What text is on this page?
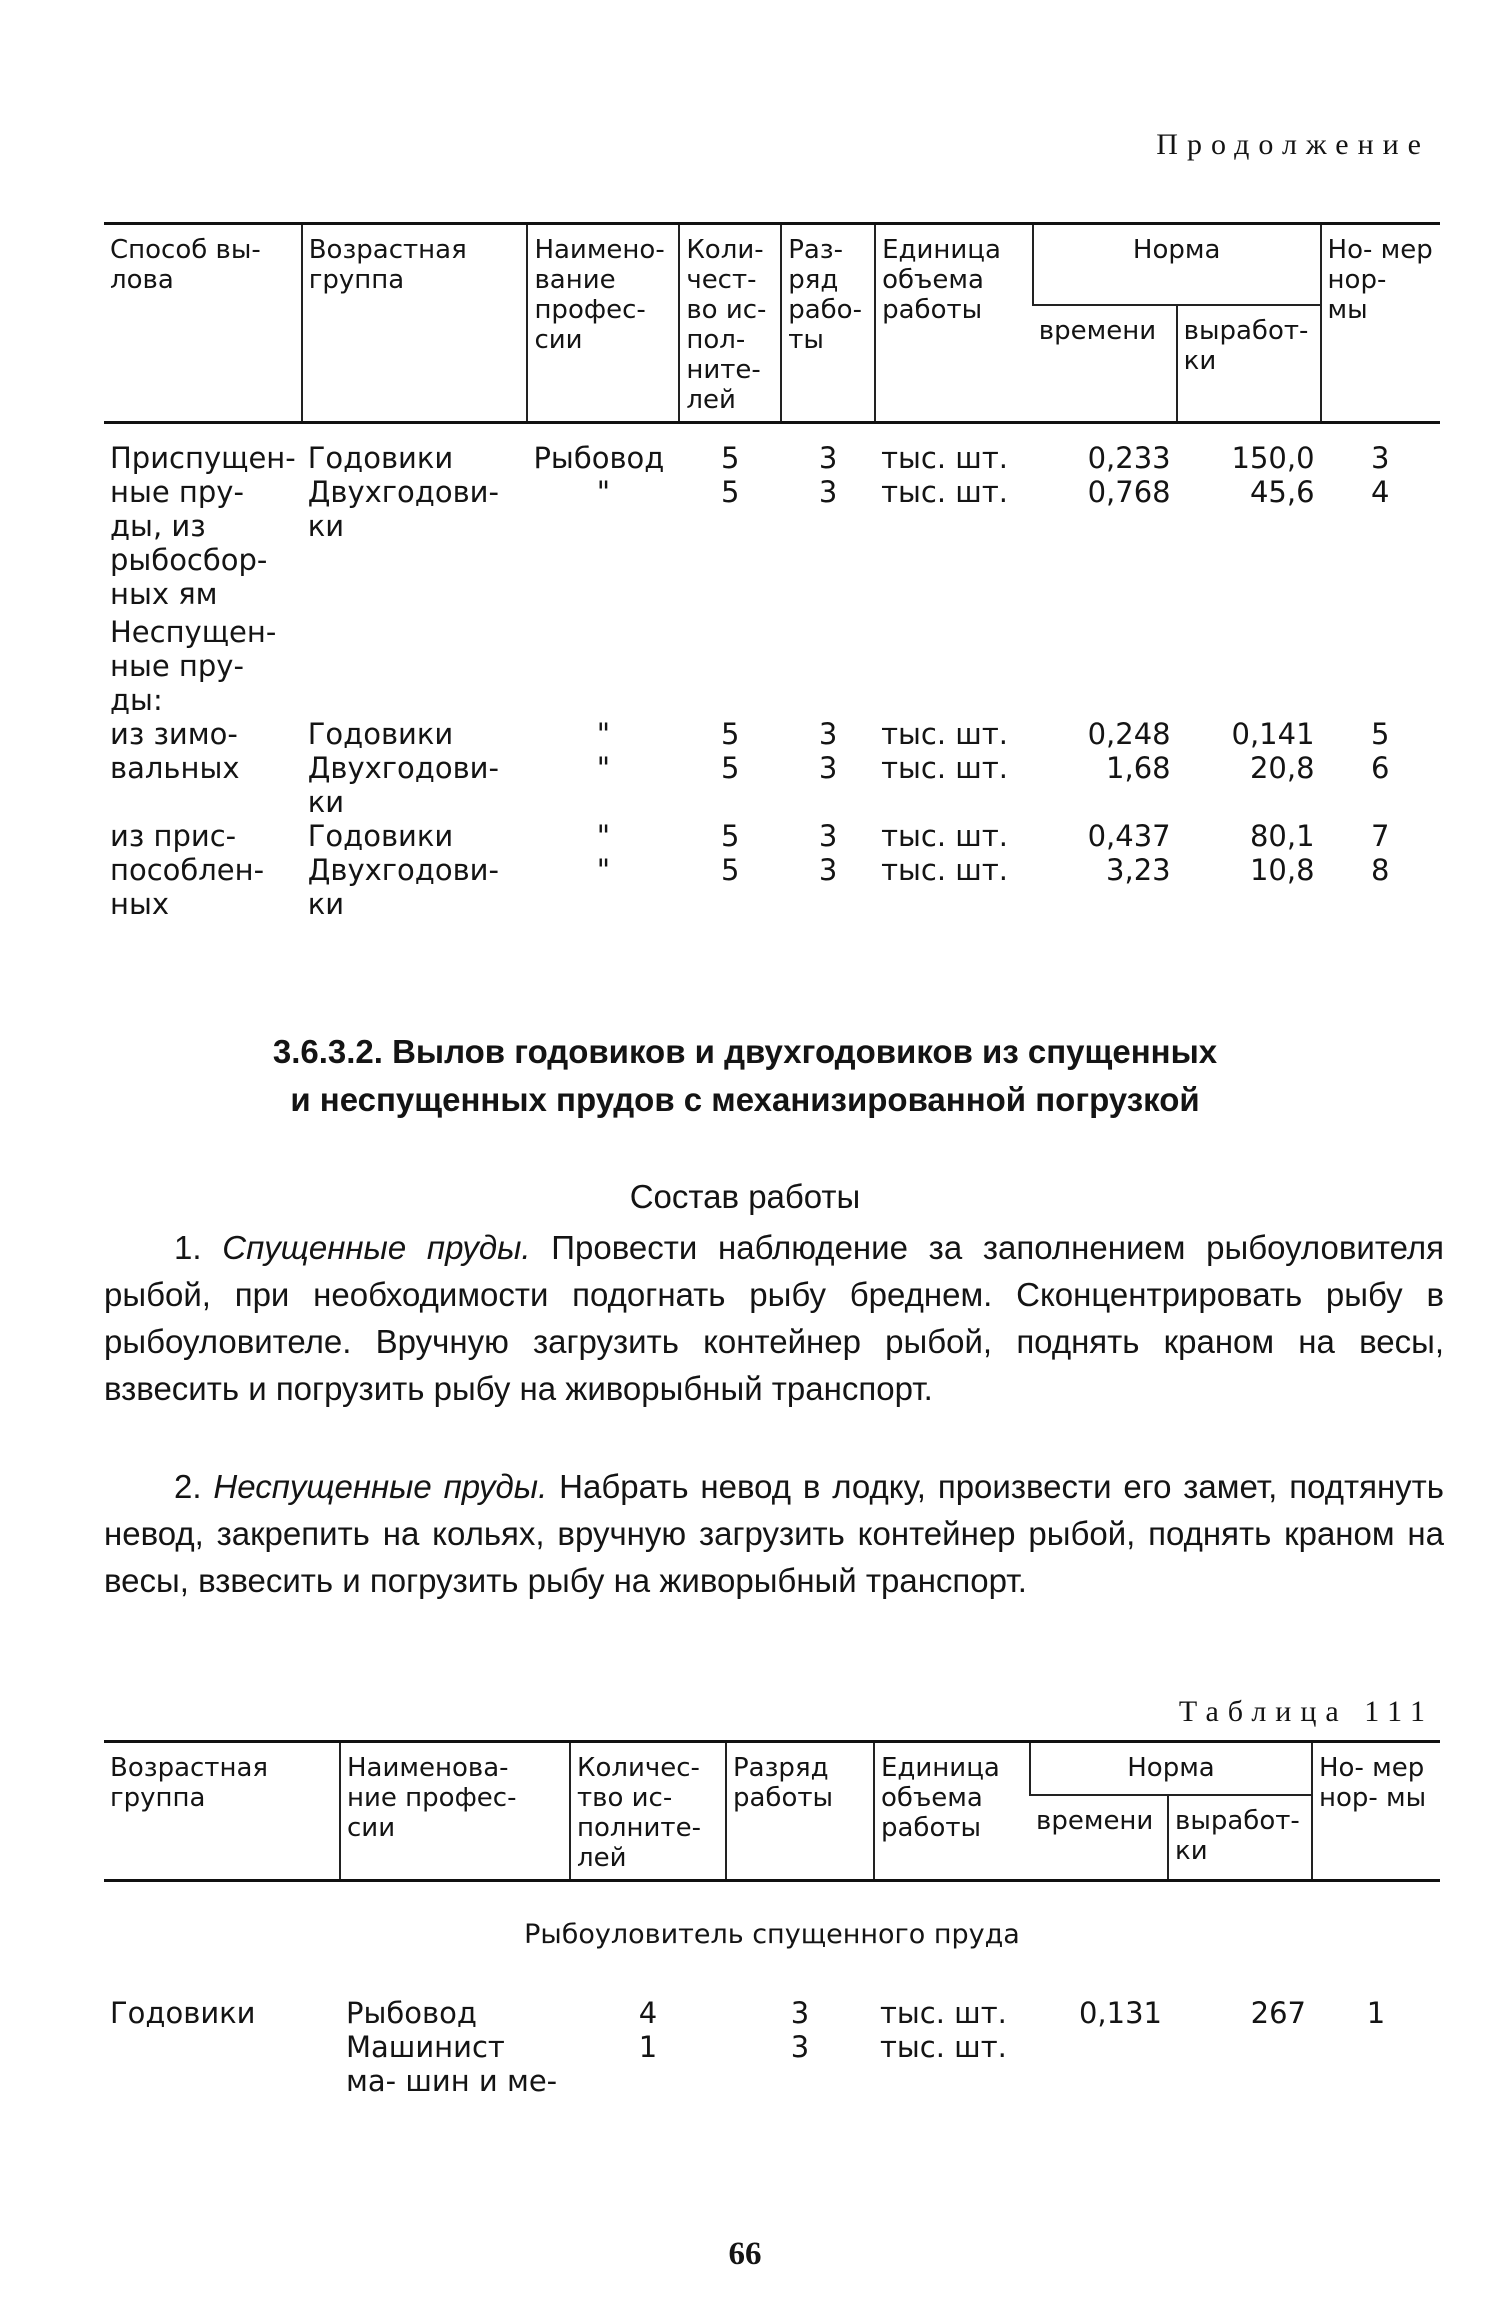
Продолжение
Способ вы- лова	Возрастная группа	Наимено- вание профес- сии	Коли- чест- во ис- пол- ните- лей	Раз- ряд рабо- ты	Единица объема работы	Норма		Но- мер нор- мы
						времени	выработ- ки	

Приспущен- ные пру- ды, из рыбосбор- ных ям	Годовики	Рыбовод	5	3	тыс. шт.	0,233	150,0	3
	Двухгодови- ки	"	5	3	тыс. шт.	0,768	45,6	4
Неспущен- ные пру- ды:								
из зимо- вальных	Годовики	"	5	3	тыс. шт.	0,248	0,141	5
	Двухгодови- ки	"	5	3	тыс. шт.	1,68	20,8	6
из прис- пособлен- ных	Годовики	"	5	3	тыс. шт.	0,437	80,1	7
	Двухгодови- ки	"	5	3	тыс. шт.	3,23	10,8	8
3.6.3.2. Вылов годовиков и двухгодовиков из спущенных
и неспущенных прудов с механизированной погрузкой
Состав работы
1. Спущенные пруды. Провести наблюдение за заполнением рыбоуловителя рыбой, при необходимости подогнать рыбу бреднем. Сконцентрировать рыбу в рыбоуловителе. Вручную загрузить контейнер рыбой, поднять краном на весы, взвесить и погрузить рыбу на живорыбный транспорт.
2. Неспущенные пруды. Набрать невод в лодку, произвести его замет, подтянуть невод, закрепить на кольях, вручную загрузить контейнер рыбой, поднять краном на весы, взвесить и погрузить рыбу на живорыбный транспорт.
Таблица 111
Возрастная группа	Наименова- ние профес- сии	Количес- тво ис- полните- лей	Разряд работы	Единица объема работы	Норма		Но- мер нор- мы
					времени	выработ- ки	
Рыбоуловитель спущенного пруда							
Годовики	Рыбовод	4	3	тыс. шт.	0,131	267	1
	Машинист ма- шин и ме-	1	3	тыс. шт.			
66
